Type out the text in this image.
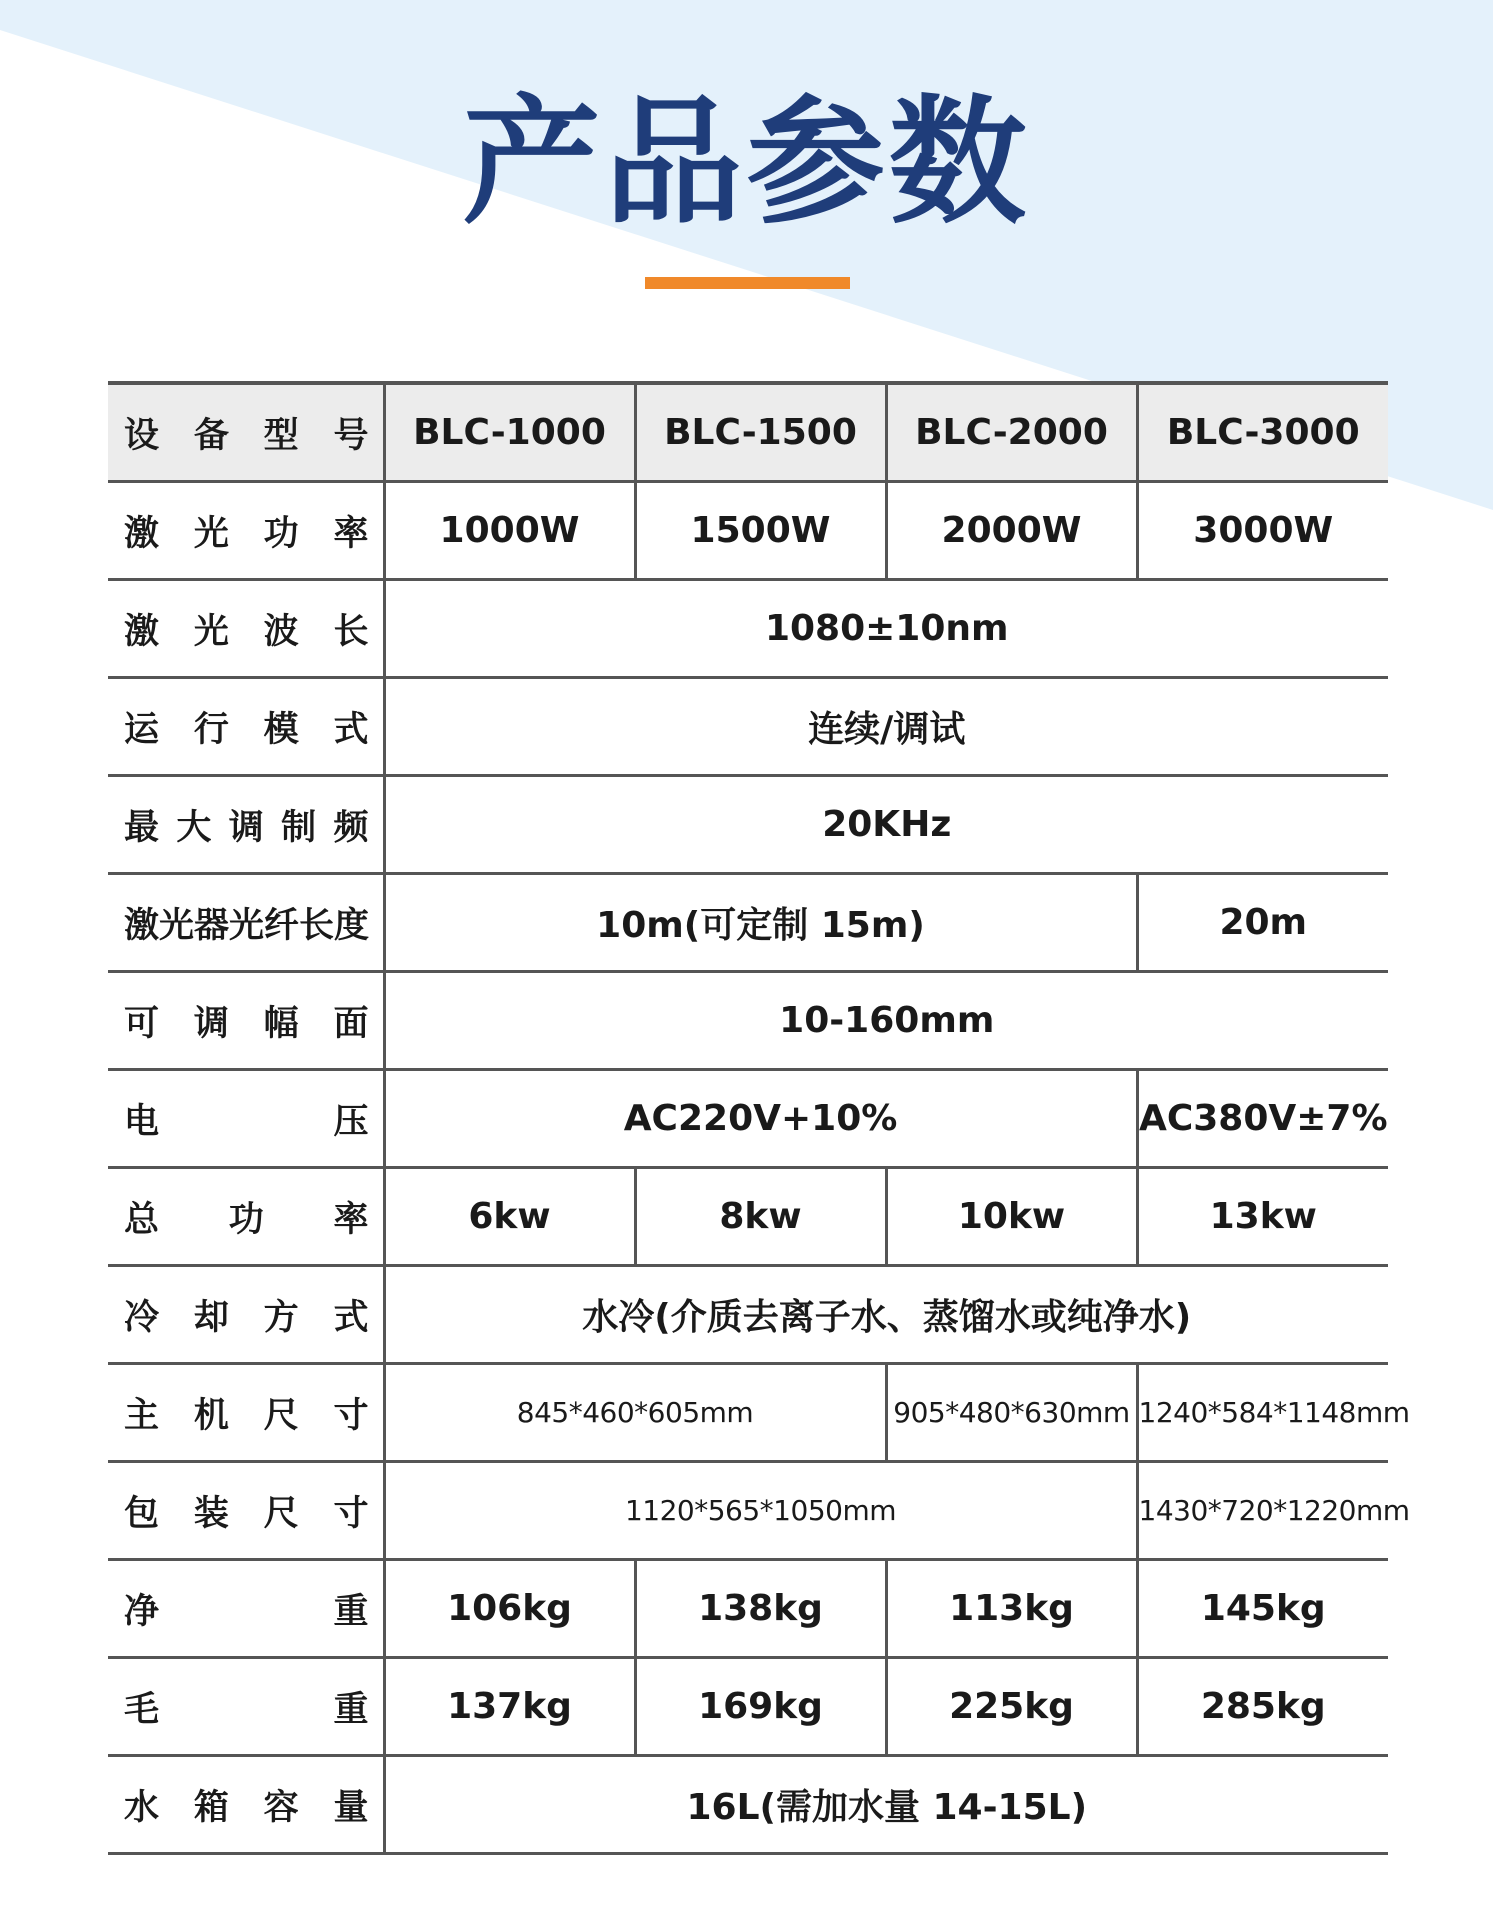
产品参数
设备型号	BLC-1000	BLC-1500	BLC-2000	BLC-3000
激光功率	1000W	1500W	2000W	3000W
激光波长	1080±10nm			
运行模式	连续/调试			
最大调制频	20KHz			
激光器光纤长度	10m(可定制 15m)			20m
可调幅面	10-160mm			
电压	AC220V+10%			AC380V±7%
总功率	6kw	8kw	10kw	13kw
冷却方式	水冷(介质去离子水、蒸馏水或纯净水)			
主机尺寸	845*460*605mm		905*480*630mm	1240*584*1148mm
包装尺寸	1120*565*1050mm			1430*720*1220mm
净重	106kg	138kg	113kg	145kg
毛重	137kg	169kg	225kg	285kg
水箱容量	16L(需加水量 14-15L)			
